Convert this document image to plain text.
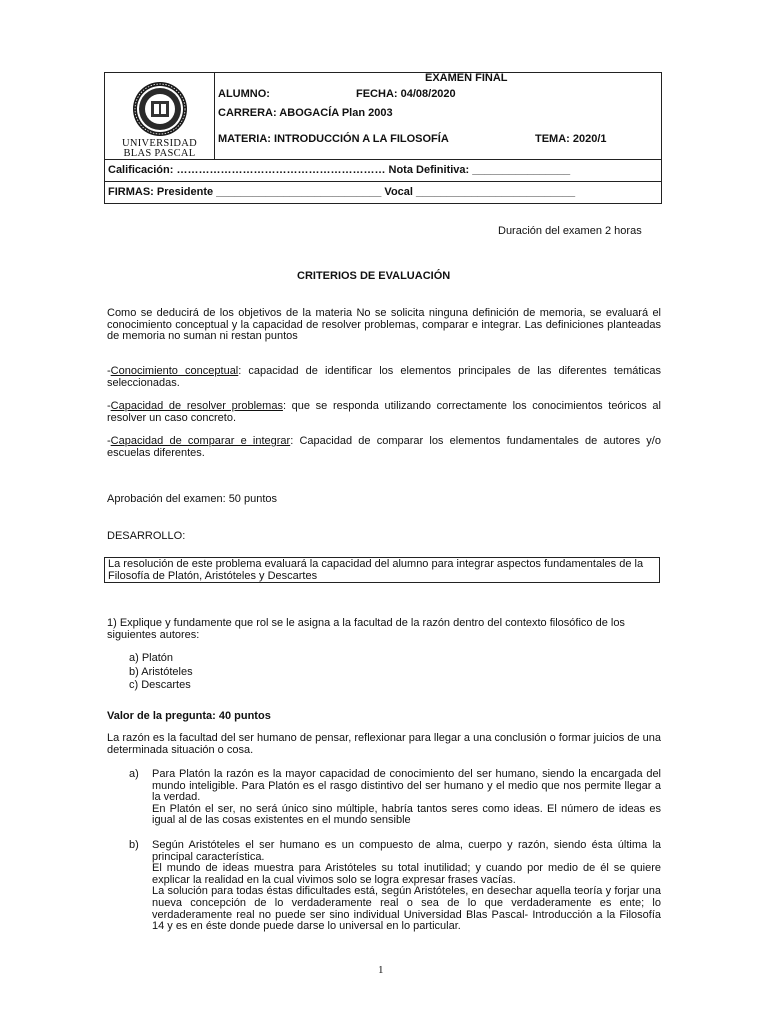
UNIVERSIDAD
BLAS PASCAL
EXAMEN FINAL
ALUMNO:	FECHA: 04/08/2020
CARRERA: ABOGACÍA Plan 2003
MATERIA: INTRODUCCIÓN A LA FILOSOFÍA	TEMA: 2020/1
Calificación: ………………………………………………… Nota Definitiva: ________________
FIRMAS: Presidente ___________________________ Vocal __________________________
Duración del examen 2 horas
CRITERIOS DE EVALUACIÓN
Como se deducirá de los objetivos de la materia No se solicita ninguna definición de memoria, se evaluará el conocimiento conceptual y la capacidad de resolver problemas, comparar e integrar. Las definiciones planteadas de memoria no suman ni restan puntos
-Conocimiento conceptual: capacidad de identificar los elementos principales de las diferentes temáticas seleccionadas.
-Capacidad de resolver problemas: que se responda utilizando correctamente los conocimientos teóricos al resolver un caso concreto.
-Capacidad de comparar e integrar: Capacidad de comparar los elementos fundamentales de autores y/o escuelas diferentes.
Aprobación del examen: 50 puntos
DESARROLLO:
La resolución de este problema evaluará la capacidad del alumno para integrar aspectos fundamentales de la Filosofía de Platón, Aristóteles y Descartes
1) Explique y fundamente que rol se le asigna a la facultad de la razón dentro del contexto filosófico de los siguientes autores:
a) Platón
b) Aristóteles
c) Descartes
Valor de la pregunta: 40 puntos
La razón es la facultad del ser humano de pensar, reflexionar para llegar a una conclusión o formar juicios de una determinada situación o cosa.
a) Para Platón la razón es la mayor capacidad de conocimiento del ser humano, siendo la encargada del mundo inteligible. Para Platón es el rasgo distintivo del ser humano y el medio que nos permite llegar a la verdad.
En Platón el ser, no será único sino múltiple, habría tantos seres como ideas. El número de ideas es igual al de las cosas existentes en el mundo sensible
b) Según Aristóteles el ser humano es un compuesto de alma, cuerpo y razón, siendo ésta última la principal característica.
El mundo de ideas muestra para Aristóteles su total inutilidad; y cuando por medio de él se quiere explicar la realidad en la cual vivimos solo se logra expresar frases vacías.
La solución para todas éstas dificultades está, según Aristóteles, en desechar aquella teoría y forjar una nueva concepción de lo verdaderamente real o sea de lo que verdaderamente es ente; lo verdaderamente real no puede ser sino individual Universidad Blas Pascal- Introducción a la Filosofía 14 y es en éste donde puede darse lo universal en lo particular.
1
